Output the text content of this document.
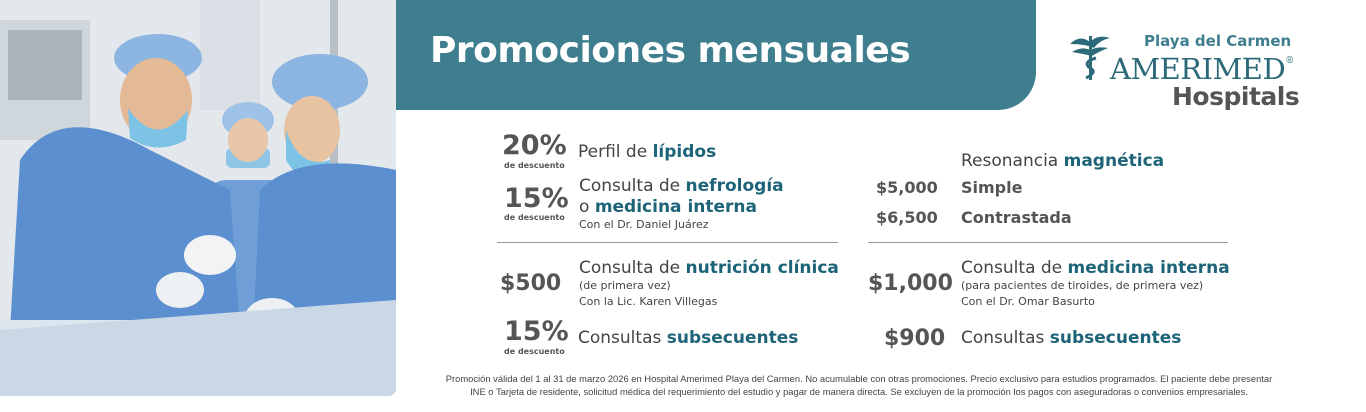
Promociones mensuales	Playa del Carmen
AMERIMED®
Hospitals
20%
de descuento
Perfil de lípidos
15%
de descuento
Consulta de nefrología
o medicina interna
Con el Dr. Daniel Juárez
$500
Consulta de nutrición clínica
(de primera vez)
Con la Lic. Karen Villegas
15%
de descuento
Consultas subsecuentes
Resonancia magnética
$5,000 Simple
$6,500 Contrastada
$1,000
Consulta de medicina interna
(para pacientes de tiroides, de primera vez)
Con el Dr. Omar Basurto
$900 Consultas subsecuentes
Promoción válida del 1 al 31 de marzo 2026 en Hospital Amerimed Playa del Carmen. No acumulable con otras promociones. Precio exclusivo para estudios programados. El paciente debe presentar
INE o Tarjeta de residente, solicitud médica del requerimiento del estudio y pagar de manera directa. Se excluyen de la promoción los pagos con aseguradoras o convenios empresariales.
